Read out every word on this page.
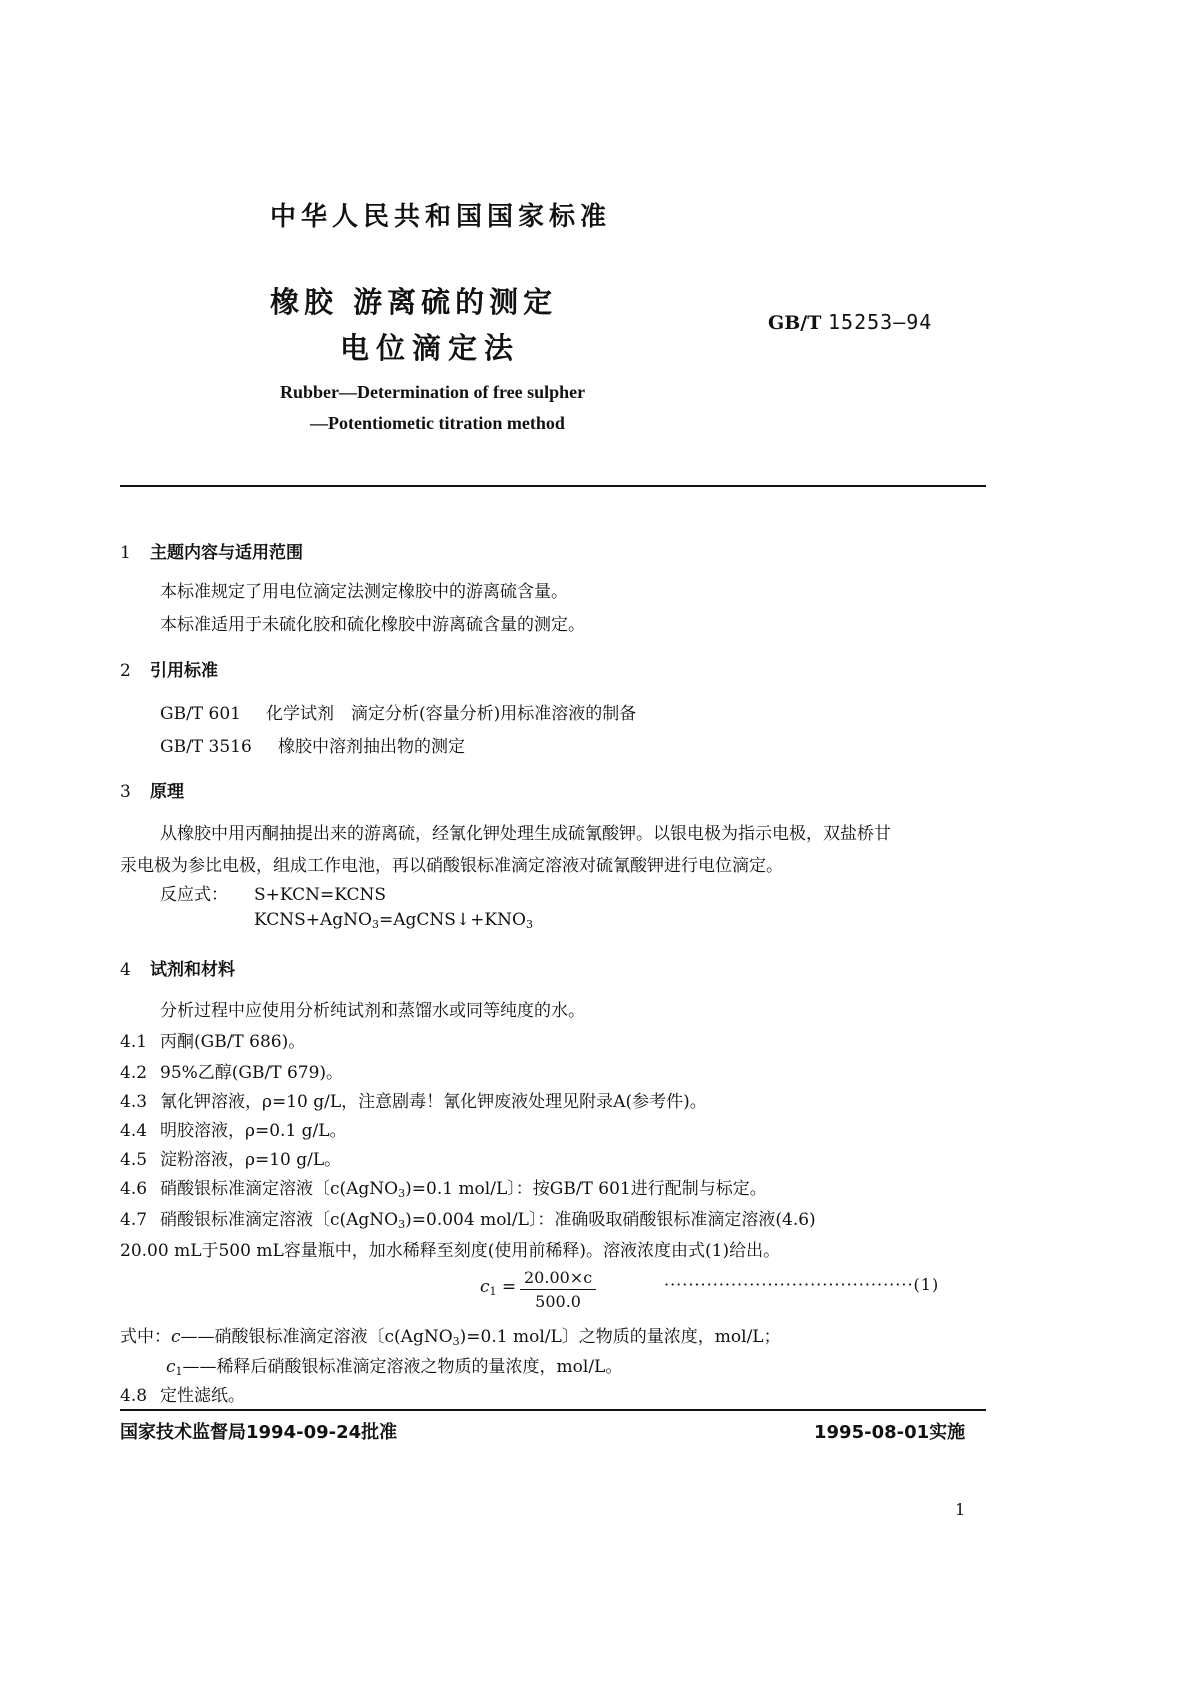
中华人民共和国国家标准
橡胶 游离硫的测定
电位滴定法
GB/T 15253—94
Rubber—Determination of free sulpher
—Potentiometic titration method
1 主题内容与适用范围
本标准规定了用电位滴定法测定橡胶中的游离硫含量。
本标准适用于未硫化胶和硫化橡胶中游离硫含量的测定。
2 引用标准
GB/T 601 化学试剂　滴定分析(容量分析)用标准溶液的制备
GB/T 3516 橡胶中溶剂抽出物的测定
3 原理
从橡胶中用丙酮抽提出来的游离硫，经氰化钾处理生成硫氰酸钾。以银电极为指示电极，双盐桥甘
汞电极为参比电极，组成工作电池，再以硝酸银标准滴定溶液对硫氰酸钾进行电位滴定。
反应式： S+KCN=KCNS
$KCNS+AgNO_3=AgCNS↓+KNO_3$
4 试剂和材料
分析过程中应使用分析纯试剂和蒸馏水或同等纯度的水。
4.1 丙酮(GB/T 686)。
4.2 95%乙醇(GB/T 679)。
4.3 氰化钾溶液，ρ=10 g/L，注意剧毒！氰化钾废液处理见附录A(参考件)。
4.4 明胶溶液，ρ=0.1 g/L。
4.5 淀粉溶液，ρ=10 g/L。
4.6 硝酸银标准滴定溶液〔c(AgNO$_3$)=0.1 mol/L〕：按GB/T 601进行配制与标定。
4.7 硝酸银标准滴定溶液〔c(AgNO$_3$)=0.004 mol/L〕：准确吸取硝酸银标准滴定溶液(4.6)
20.00 mL于500 mL容量瓶中，加水稀释至刻度(使用前稀释)。溶液浓度由式(1)给出。
$c_1 = \frac{20.00\times c}{500.0}$	·········································(1)
式中：c——硝酸银标准滴定溶液〔c(AgNO$_3$)=0.1 mol/L〕之物质的量浓度，mol/L；
$c_1——$稀释后硝酸银标准滴定溶液之物质的量浓度，mol/L。
4.8 定性滤纸。
国家技术监督局1994-09-24批准	1995-08-01实施
1
